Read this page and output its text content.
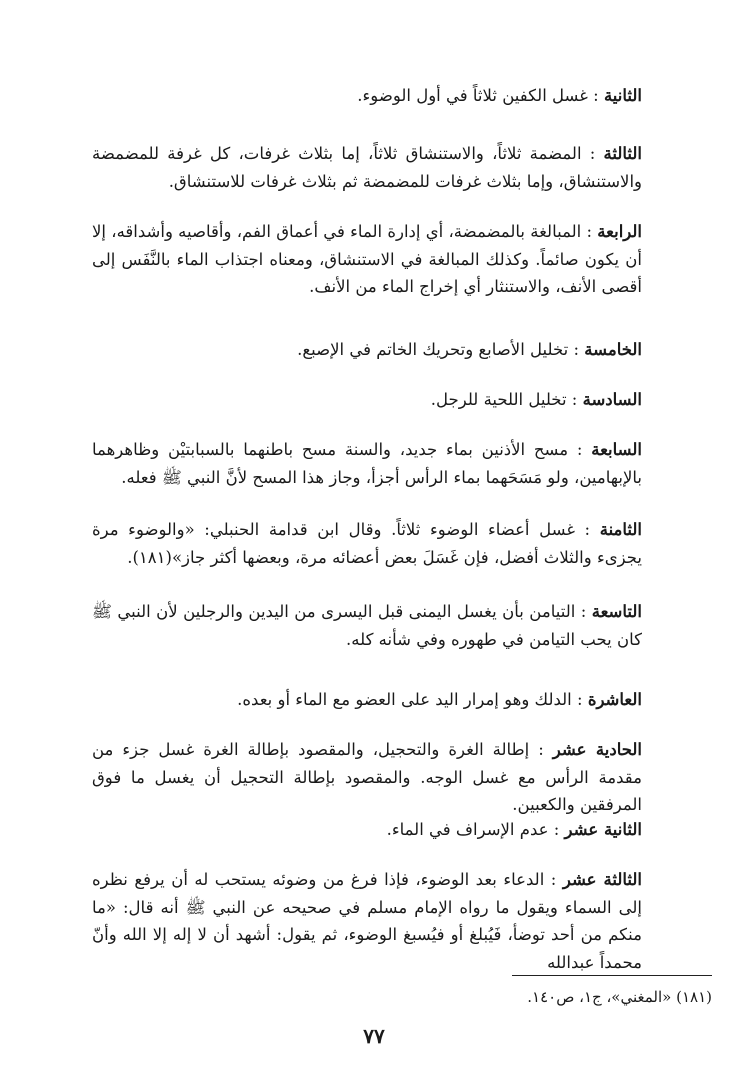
الثانية : غسل الكفين ثلاثاً في أول الوضوء.

الثالثة : المضمة ثلاثاً، والاستنشاق ثلاثاً، إما بثلاث غرفات، كل غرفة للمضمضة والاستنشاق، وإما بثلاث غرفات للمضمضة ثم بثلاث غرفات للاستنشاق.

الرابعة : المبالغة بالمضمضة، أي إدارة الماء في أعماق الفم، وأقاصيه وأشداقه، إلا أن يكون صائماً. وكذلك المبالغة في الاستنشاق، ومعناه اجتذاب الماء بالنَّفَس إلى أقصى الأنف، والاستنثار أي إخراج الماء من الأنف.

الخامسة : تخليل الأصابع وتحريك الخاتم في الإصبع.

السادسة : تخليل اللحية للرجل.

السابعة : مسح الأذنين بماء جديد، والسنة مسح باطنهما بالسبابتيْن وظاهرهما بالإبهامين، ولو مَسَحَهما بماء الرأس أجزأ، وجاز هذا المسح لأنَّ النبي ﷺ فعله.

الثامنة : غسل أعضاء الوضوء ثلاثاً. وقال ابن قدامة الحنبلي: «والوضوء مرة يجزىء والثلاث أفضل، فإن غَسَلَ بعض أعضائه مرة، وبعضها أكثر جاز»(١٨١).

التاسعة : التيامن بأن يغسل اليمنى قبل اليسرى من اليدين والرجلين لأن النبي ﷺ كان يحب التيامن في طهوره وفي شأنه كله.

العاشرة : الدلك وهو إمرار اليد على العضو مع الماء أو بعده.

الحادية عشر : إطالة الغرة والتحجيل، والمقصود بإطالة الغرة غسل جزء من مقدمة الرأس مع غسل الوجه. والمقصود بإطالة التحجيل أن يغسل ما فوق المرفقين والكعبين.

الثانية عشر : عدم الإسراف في الماء.

الثالثة عشر : الدعاء بعد الوضوء، فإذا فرغ من وضوئه يستحب له أن يرفع نظره إلى السماء ويقول ما رواه الإمام مسلم في صحيحه عن النبي ﷺ أنه قال: «ما منكم من أحد توضأ، فَيُبلغ أو فيُسبغ الوضوء، ثم يقول: أشهد أن لا إله إلا الله وأنّ محمداً عبدالله

(١٨١) «المغني»، ج١، ص١٤٠.
٧٧
